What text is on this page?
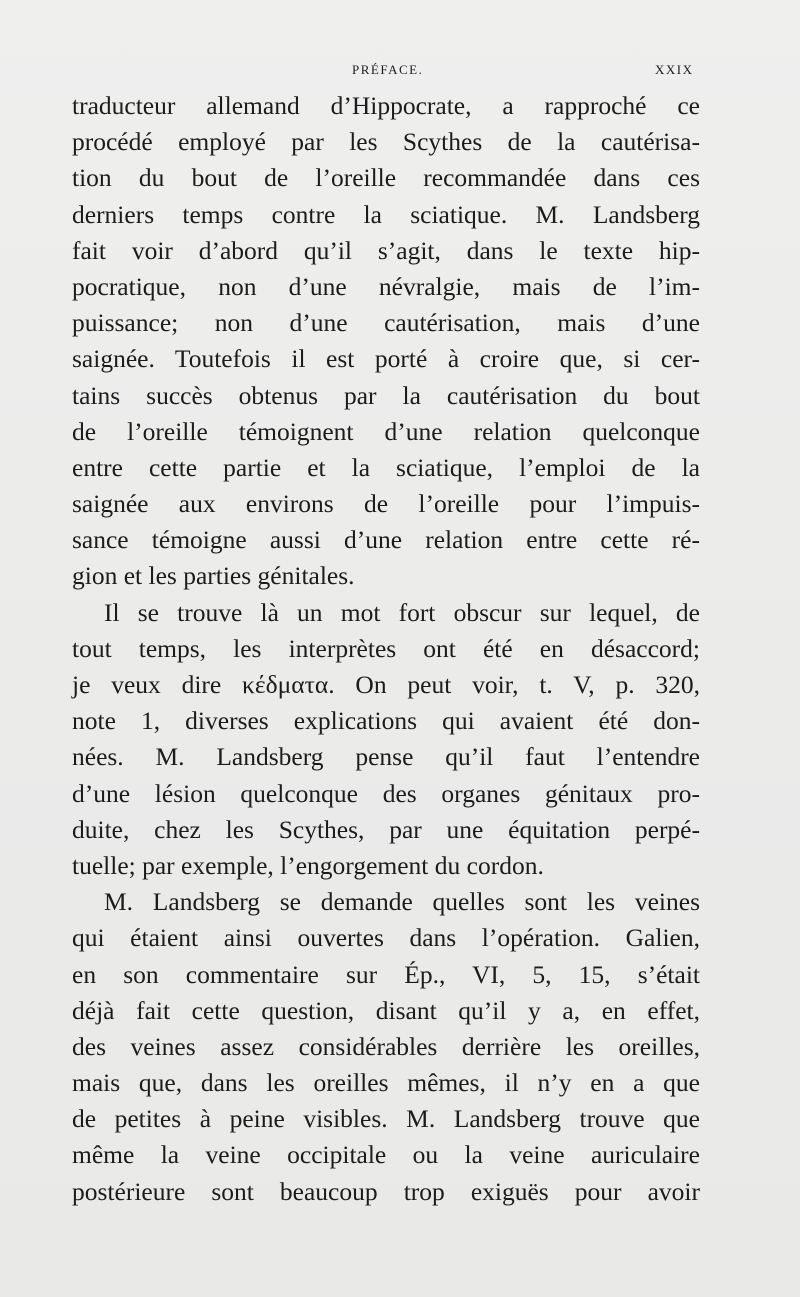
PRÉFACE.	XXIX
traducteur allemand d’Hippocrate, a rapproché ce
procédé employé par les Scythes de la cautérisa-
tion du bout de l’oreille recommandée dans ces
derniers temps contre la sciatique. M. Landsberg
fait voir d’abord qu’il s’agit, dans le texte hip-
pocratique, non d’une névralgie, mais de l’im-
puissance; non d’une cautérisation, mais d’une
saignée. Toutefois il est porté à croire que, si cer-
tains succès obtenus par la cautérisation du bout
de l’oreille témoignent d’une relation quelconque
entre cette partie et la sciatique, l’emploi de la
saignée aux environs de l’oreille pour l’impuis-
sance témoigne aussi d’une relation entre cette ré-
gion et les parties génitales.
Il se trouve là un mot fort obscur sur lequel, de
tout temps, les interprètes ont été en désaccord;
je veux dire κέδματα. On peut voir, t. V, p. 320,
note 1, diverses explications qui avaient été don-
nées. M. Landsberg pense qu’il faut l’entendre
d’une lésion quelconque des organes génitaux pro-
duite, chez les Scythes, par une équitation perpé-
tuelle; par exemple, l’engorgement du cordon.
M. Landsberg se demande quelles sont les veines
qui étaient ainsi ouvertes dans l’opération. Galien,
en son commentaire sur Ép., VI, 5, 15, s’était
déjà fait cette question, disant qu’il y a, en effet,
des veines assez considérables derrière les oreilles,
mais que, dans les oreilles mêmes, il n’y en a que
de petites à peine visibles. M. Landsberg trouve que
même la veine occipitale ou la veine auriculaire
postérieure sont beaucoup trop exiguës pour avoir
